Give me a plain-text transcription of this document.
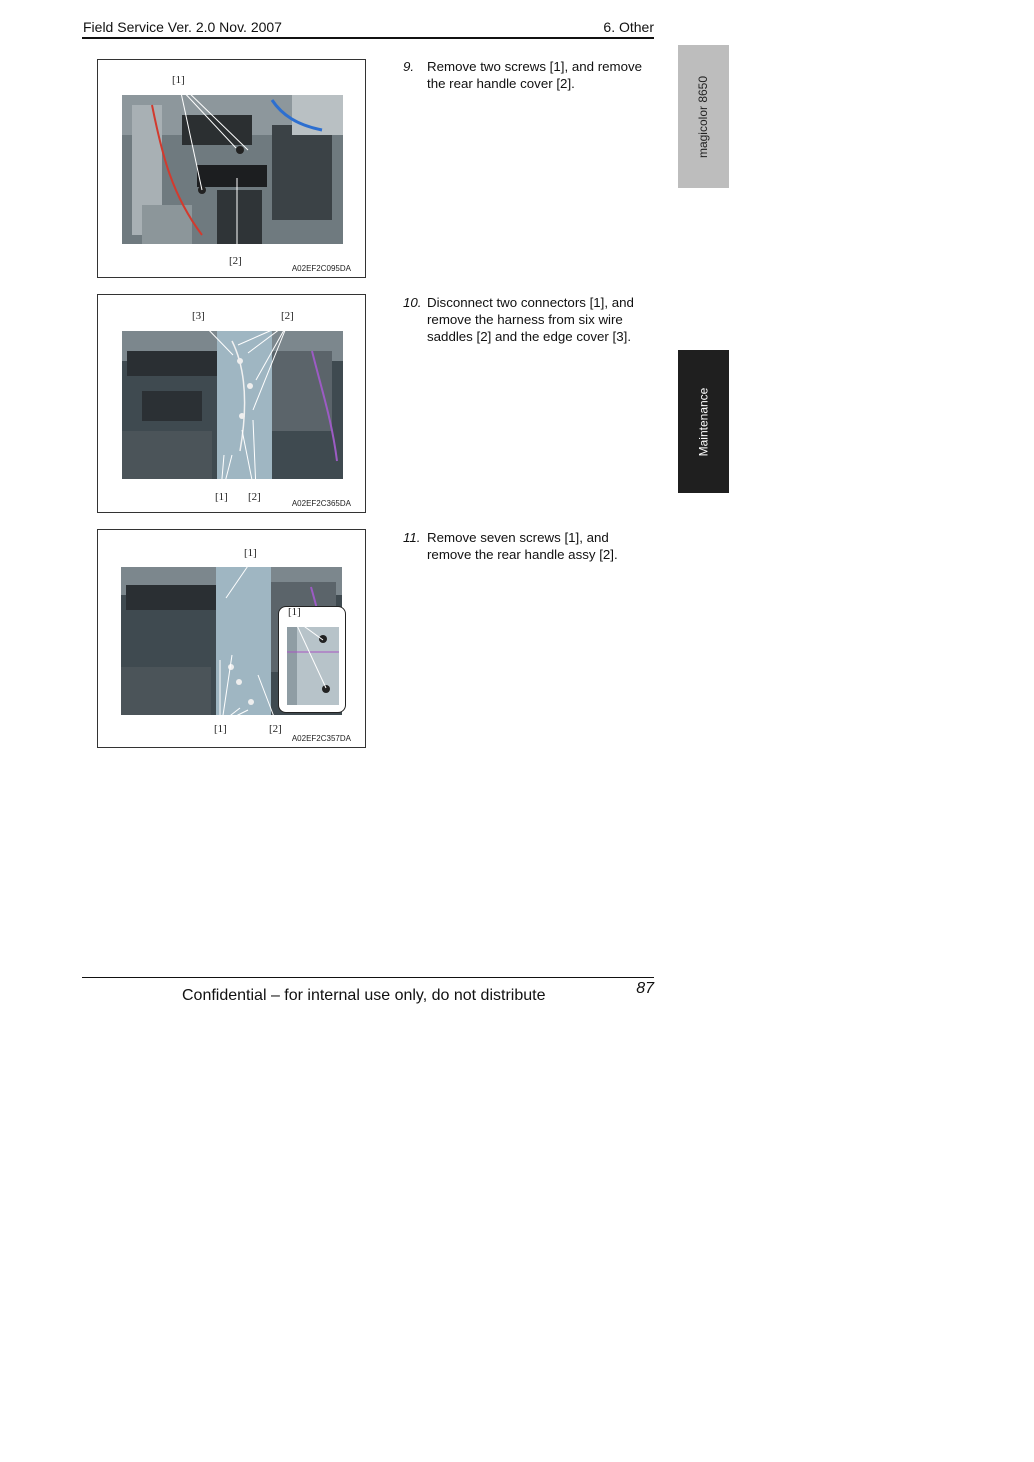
Field Service Ver. 2.0 Nov. 2007	6. Other
magicolor 8650
Maintenance
[1]
[2]
A02EF2C095DA
[3]	[2]
[1] [2]
A02EF2C365DA
[1]
[1]
[1]	[2]
A02EF2C357DA
9. Remove two screws [1], and remove the rear handle cover [2].
10. Disconnect two connectors [1], and remove the harness from six wire saddles [2] and the edge cover [3].
11. Remove seven screws [1], and remove the rear handle assy [2].
Confidential – for internal use only, do not distribute	87
